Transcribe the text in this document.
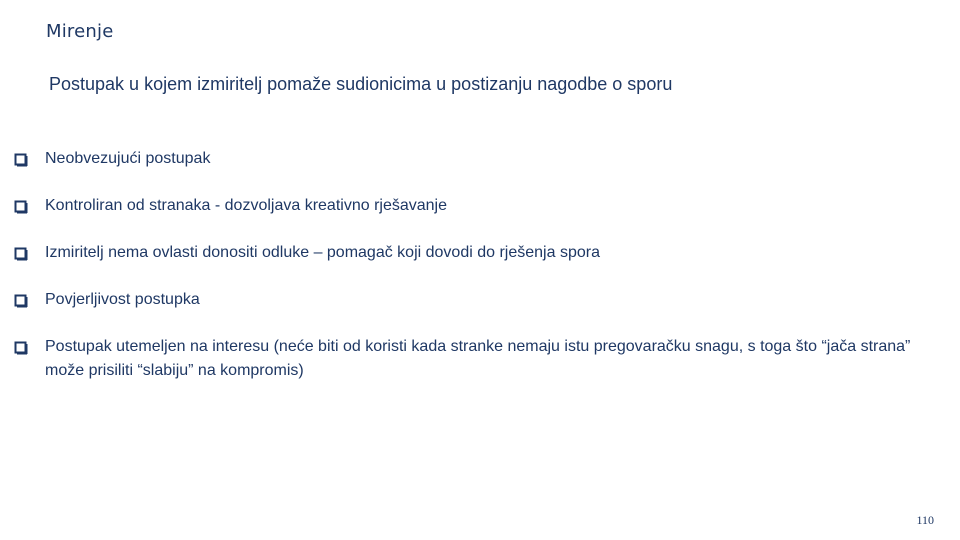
Mirenje
Postupak u kojem izmiritelj pomaže sudionicima u postizanju nagodbe o sporu
Neobvezujući postupak
Kontroliran od stranaka - dozvoljava kreativno rješavanje
Izmiritelj nema ovlasti donositi odluke – pomagač koji dovodi do rješenja spora
Povjerljivost postupka
Postupak utemeljen na interesu (neće biti od koristi kada stranke nemaju istu pregovaračku snagu, s toga što “jača strana” može prisiliti “slabiju” na kompromis)
110
